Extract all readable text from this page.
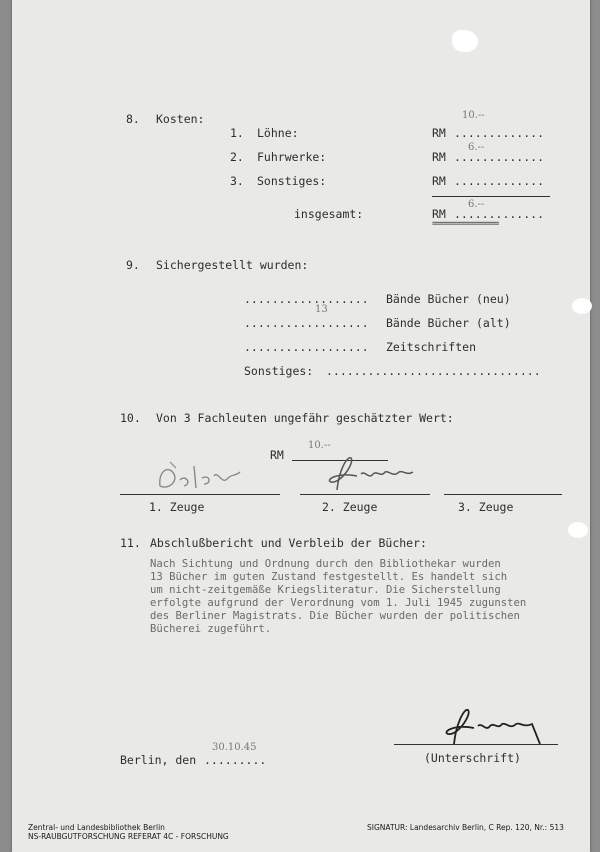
8. Kosten:	10.--
1. Löhne:	RM .............
2. Fuhrwerke:	RM .............
6.--
3. Sonstiges:	RM .............
insgesamt:	RM .............
6.--
===============
9. Sichergestellt wurden:
.................. Bände Bücher (neu)
13
.................. Bände Bücher (alt)
.................. Zeitschriften
Sonstiges: ...............................
10. Von 3 Fachleuten ungefähr geschätzter Wert:
RM
10.--
1. Zeuge	2. Zeuge	3. Zeuge
11. Abschlußbericht und Verbleib der Bücher:
Nach Sichtung und Ordnung durch den Bibliothekar wurden
13 Bücher im guten Zustand festgestellt. Es handelt sich
um nicht-zeitgemäße Kriegsliteratur. Die Sicherstellung
erfolgte aufgrund der Verordnung vom 1. Juli 1945 zugunsten
des Berliner Magistrats. Die Bücher wurden der politischen
Bücherei zugeführt.
Berlin, den .........
30.10.45
(Unterschrift)
Zentral- und Landesbibliothek Berlin
NS-RAUBGUTFORSCHUNG REFERAT 4C - FORSCHUNG
SIGNATUR: Landesarchiv Berlin, C Rep. 120, Nr.: 513
